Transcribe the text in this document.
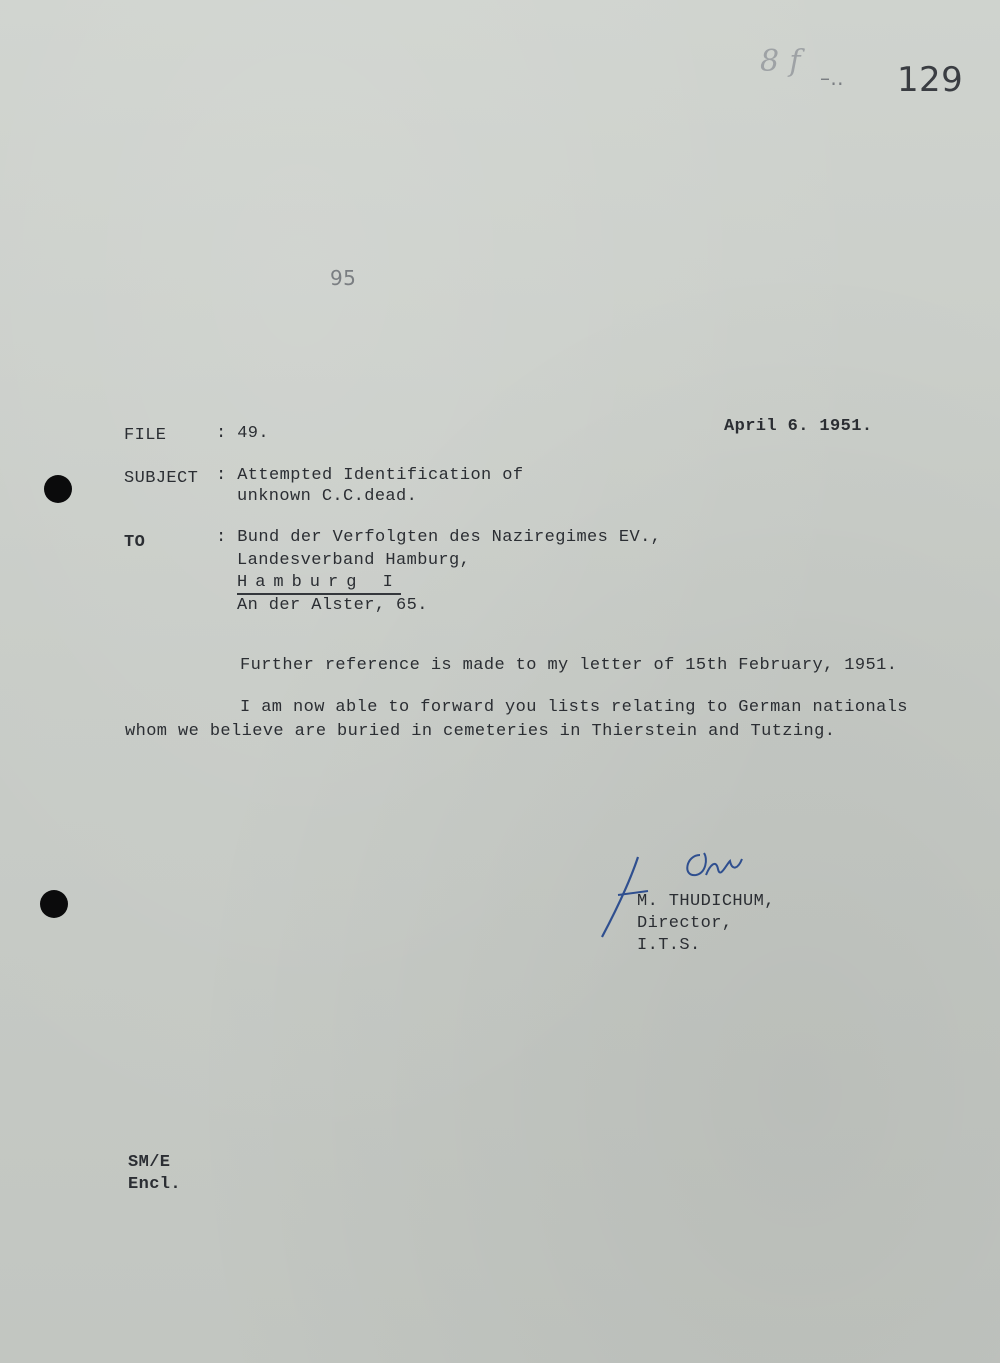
8 f –.. 129
95
FILE	: 49.	April 6. 1951.
SUBJECT : Attempted Identification of
unknown C.C.dead.
TO	: Bund der Verfolgten des Naziregimes EV.,
Landesverband Hamburg,
Hamburg I
An der Alster, 65.
Further reference is made to my letter of 15th February, 1951.
I am now able to forward you lists relating to German nationals
whom we believe are buried in cemeteries in Thierstein and Tutzing.
M. THUDICHUM,
Director,
I.T.S.
SM/E
Encl.
